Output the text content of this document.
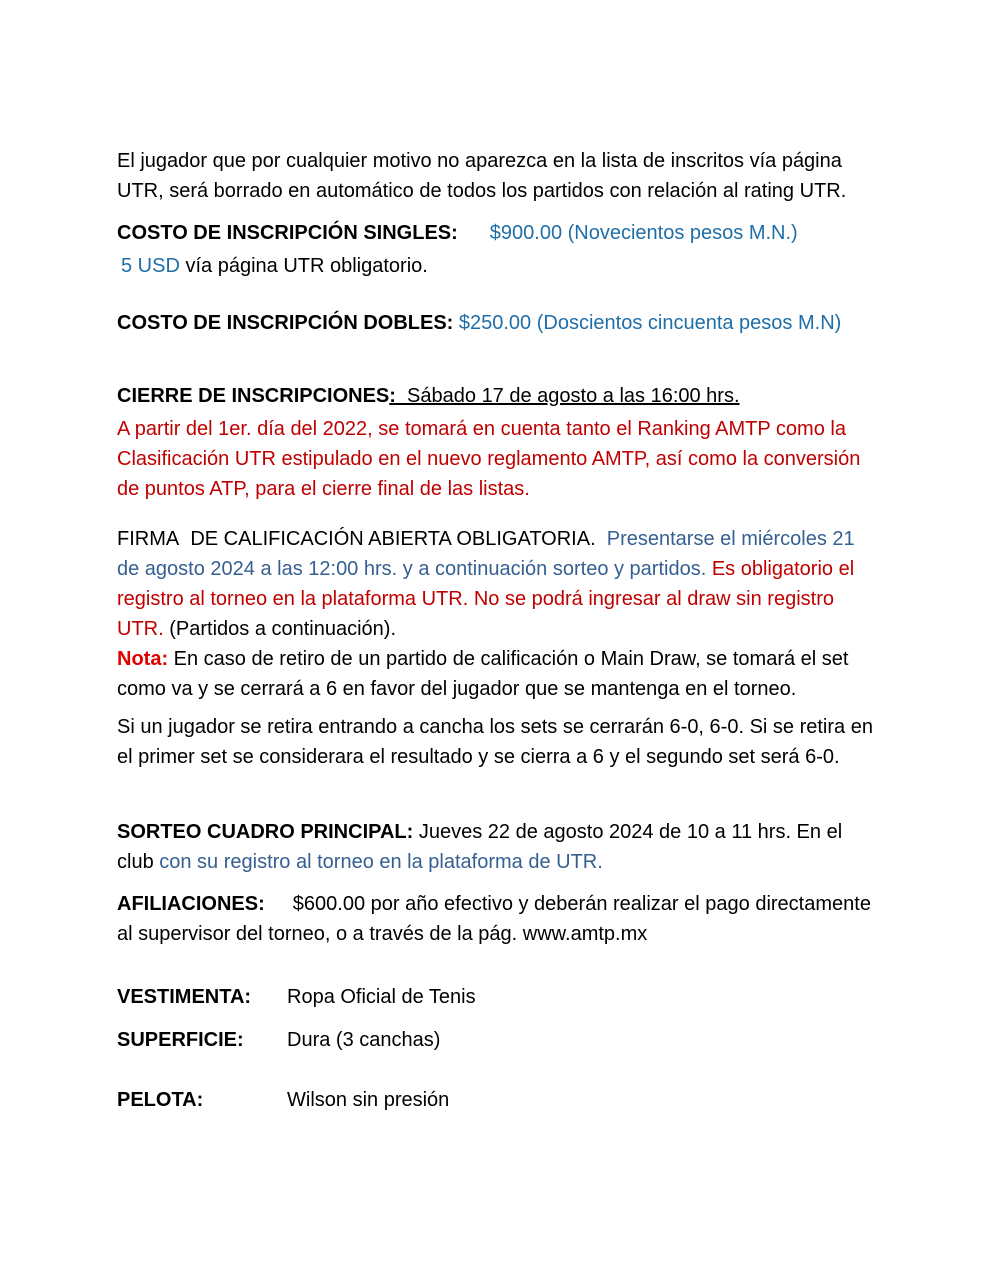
El jugador que por cualquier motivo no aparezca en la lista de inscritos vía página UTR, será borrado en automático de todos los partidos con relación al rating UTR.

COSTO DE INSCRIPCIÓN SINGLES: $900.00 (Novecientos pesos M.N.)

5 USD vía página UTR obligatorio.

COSTO DE INSCRIPCIÓN DOBLES: $250.00 (Doscientos cincuenta pesos M.N)

CIERRE DE INSCRIPCIONES:  Sábado 17 de agosto a las 16:00 hrs.

A partir del 1er. día del 2022, se tomará en cuenta tanto el Ranking AMTP como la Clasificación UTR estipulado en el nuevo reglamento AMTP, así como la conversión de puntos ATP, para el cierre final de las listas.

FIRMA  DE CALIFICACIÓN ABIERTA OBLIGATORIA.  Presentarse el miércoles 21 de agosto 2024 a las 12:00 hrs. y a continuación sorteo y partidos. Es obligatorio el registro al torneo en la plataforma UTR. No se podrá ingresar al draw sin registro UTR. (Partidos a continuación).

Nota: En caso de retiro de un partido de calificación o Main Draw, se tomará el set como va y se cerrará a 6 en favor del jugador que se mantenga en el torneo.

Si un jugador se retira entrando a cancha los sets se cerrarán 6-0, 6-0. Si se retira en el primer set se considerara el resultado y se cierra a 6 y el segundo set será 6-0.

SORTEO CUADRO PRINCIPAL: Jueves 22 de agosto 2024 de 10 a 11 hrs. En el club con su registro al torneo en la plataforma de UTR.

AFILIACIONES: $600.00 por año efectivo y deberán realizar el pago directamente al supervisor del torneo, o a través de la pág. www.amtp.mx

VESTIMENTA:	Ropa Oficial de Tenis
SUPERFICIE:	Dura (3 canchas)
PELOTA:	Wilson sin presión
